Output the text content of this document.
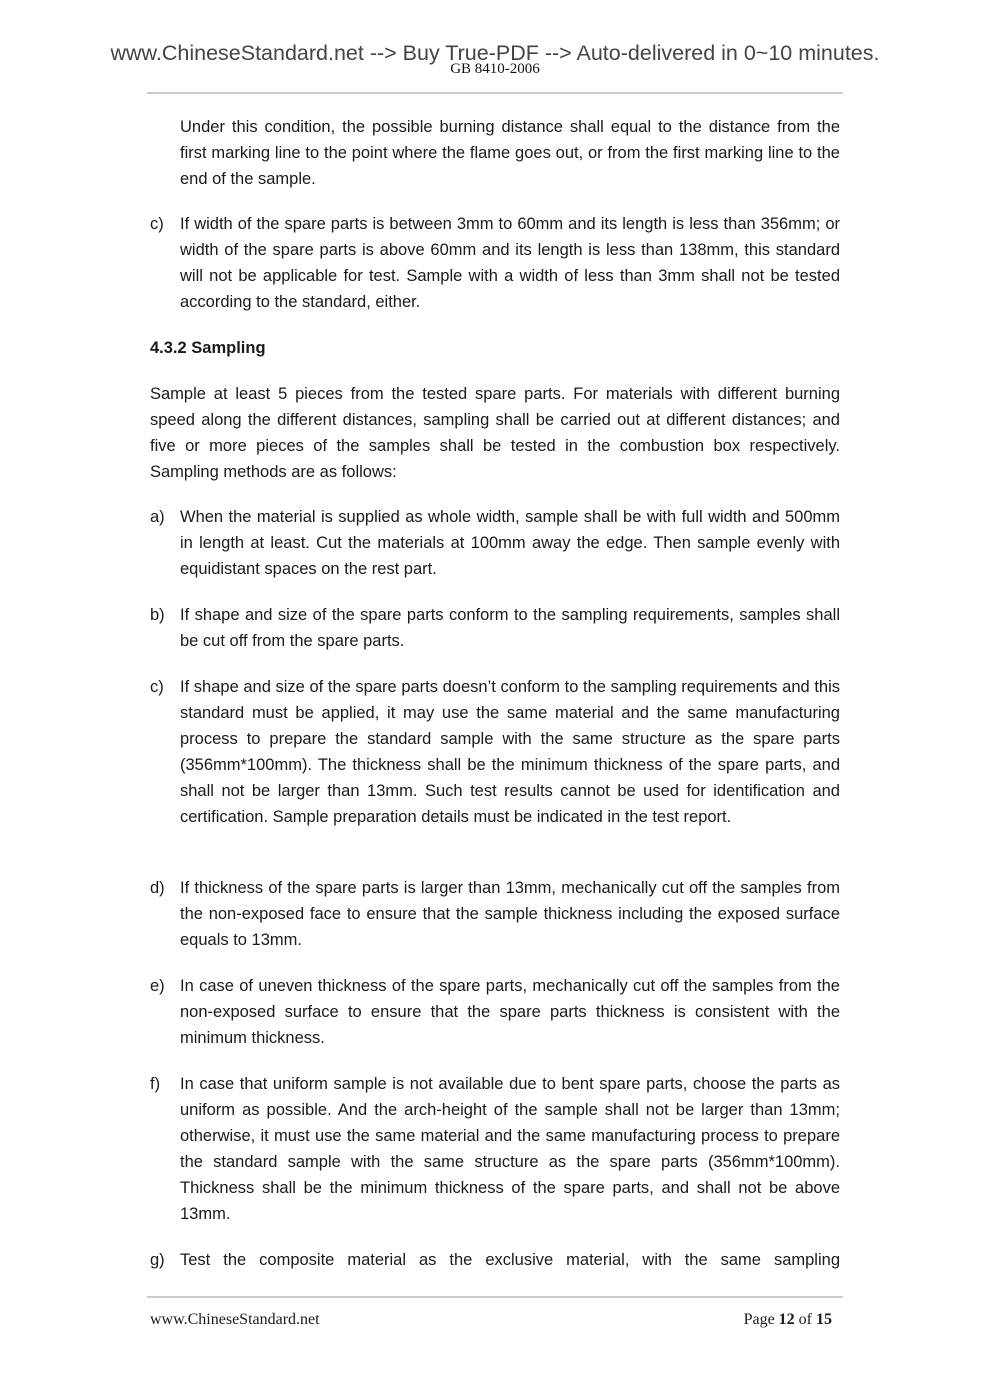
www.ChineseStandard.net --> Buy True-PDF --> Auto-delivered in 0~10 minutes.
GB 8410-2006
Under this condition, the possible burning distance shall equal to the distance from the first marking line to the point where the flame goes out, or from the first marking line to the end of the sample.
c) If width of the spare parts is between 3mm to 60mm and its length is less than 356mm; or width of the spare parts is above 60mm and its length is less than 138mm, this standard will not be applicable for test. Sample with a width of less than 3mm shall not be tested according to the standard, either.
4.3.2 Sampling
Sample at least 5 pieces from the tested spare parts. For materials with different burning speed along the different distances, sampling shall be carried out at different distances; and five or more pieces of the samples shall be tested in the combustion box respectively. Sampling methods are as follows:
a) When the material is supplied as whole width, sample shall be with full width and 500mm in length at least. Cut the materials at 100mm away the edge. Then sample evenly with equidistant spaces on the rest part.
b) If shape and size of the spare parts conform to the sampling requirements, samples shall be cut off from the spare parts.
c) If shape and size of the spare parts doesn’t conform to the sampling requirements and this standard must be applied, it may use the same material and the same manufacturing process to prepare the standard sample with the same structure as the spare parts (356mm*100mm). The thickness shall be the minimum thickness of the spare parts, and shall not be larger than 13mm. Such test results cannot be used for identification and certification. Sample preparation details must be indicated in the test report.
d) If thickness of the spare parts is larger than 13mm, mechanically cut off the samples from the non-exposed face to ensure that the sample thickness including the exposed surface equals to 13mm.
e) In case of uneven thickness of the spare parts, mechanically cut off the samples from the non-exposed surface to ensure that the spare parts thickness is consistent with the minimum thickness.
f) In case that uniform sample is not available due to bent spare parts, choose the parts as uniform as possible. And the arch-height of the sample shall not be larger than 13mm; otherwise, it must use the same material and the same manufacturing process to prepare the standard sample with the same structure as the spare parts (356mm*100mm). Thickness shall be the minimum thickness of the spare parts, and shall not be above 13mm.
g) Test the composite material as the exclusive material, with the same sampling
www.ChineseStandard.net	Page 12 of 15
